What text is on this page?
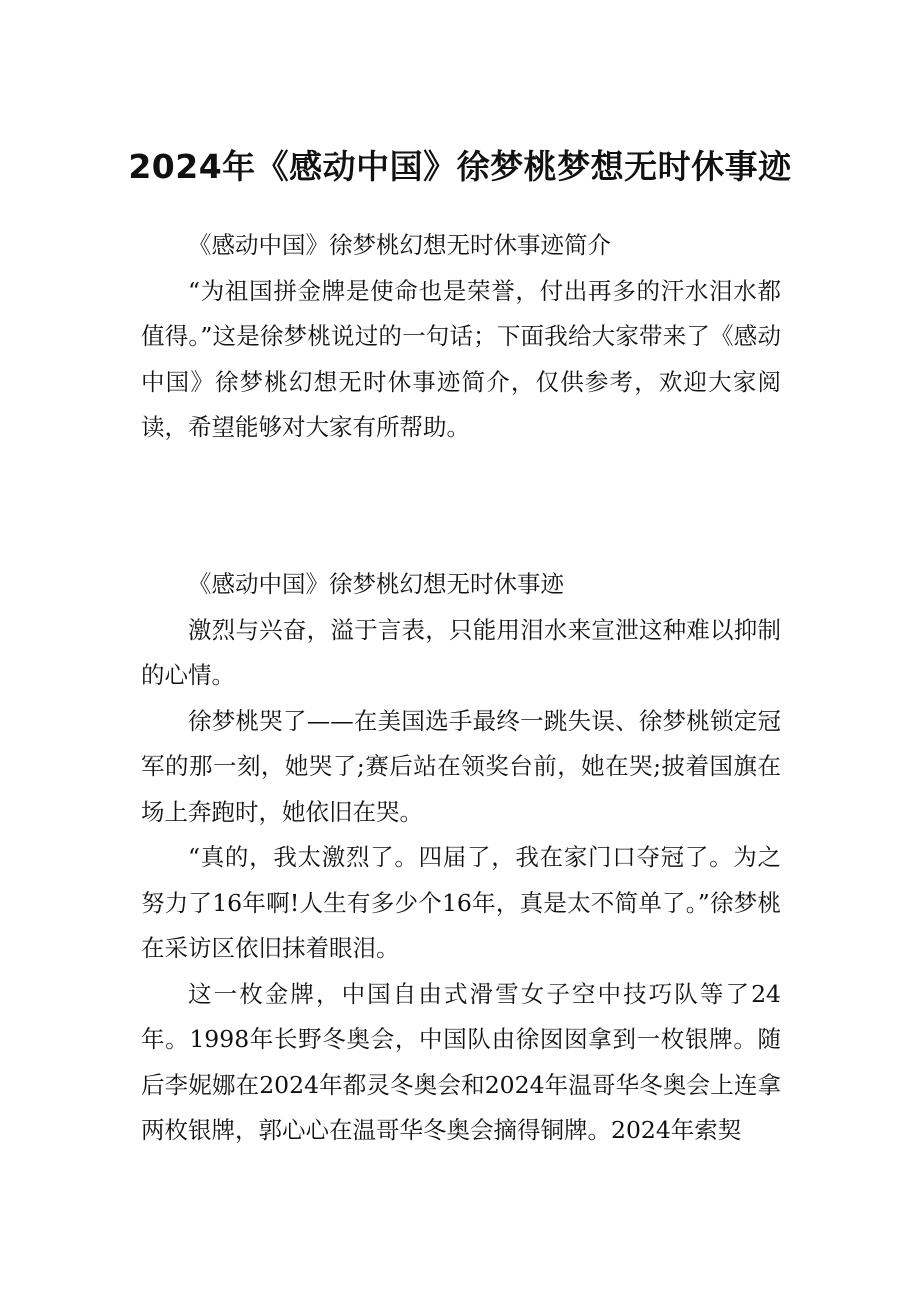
2024年《感动中国》徐梦桃梦想无时休事迹

《感动中国》徐梦桃幻想无时休事迹简介

“为祖国拼金牌是使命也是荣誉，付出再多的汗水泪水都值得。”这是徐梦桃说过的一句话；下面我给大家带来了《感动中国》徐梦桃幻想无时休事迹简介，仅供参考，欢迎大家阅读，希望能够对大家有所帮助。

《感动中国》徐梦桃幻想无时休事迹

激烈与兴奋，溢于言表，只能用泪水来宣泄这种难以抑制的心情。

徐梦桃哭了——在美国选手最终一跳失误、徐梦桃锁定冠军的那一刻，她哭了;赛后站在领奖台前，她在哭;披着国旗在场上奔跑时，她依旧在哭。

“真的，我太激烈了。四届了，我在家门口夺冠了。为之努力了16年啊!人生有多少个16年，真是太不简单了。”徐梦桃在采访区依旧抹着眼泪。

这一枚金牌，中国自由式滑雪女子空中技巧队等了24年。1998年长野冬奥会，中国队由徐囡囡拿到一枚银牌。随后李妮娜在2024年都灵冬奥会和2024年温哥华冬奥会上连拿两枚银牌，郭心心在温哥华冬奥会摘得铜牌。2024年索契
